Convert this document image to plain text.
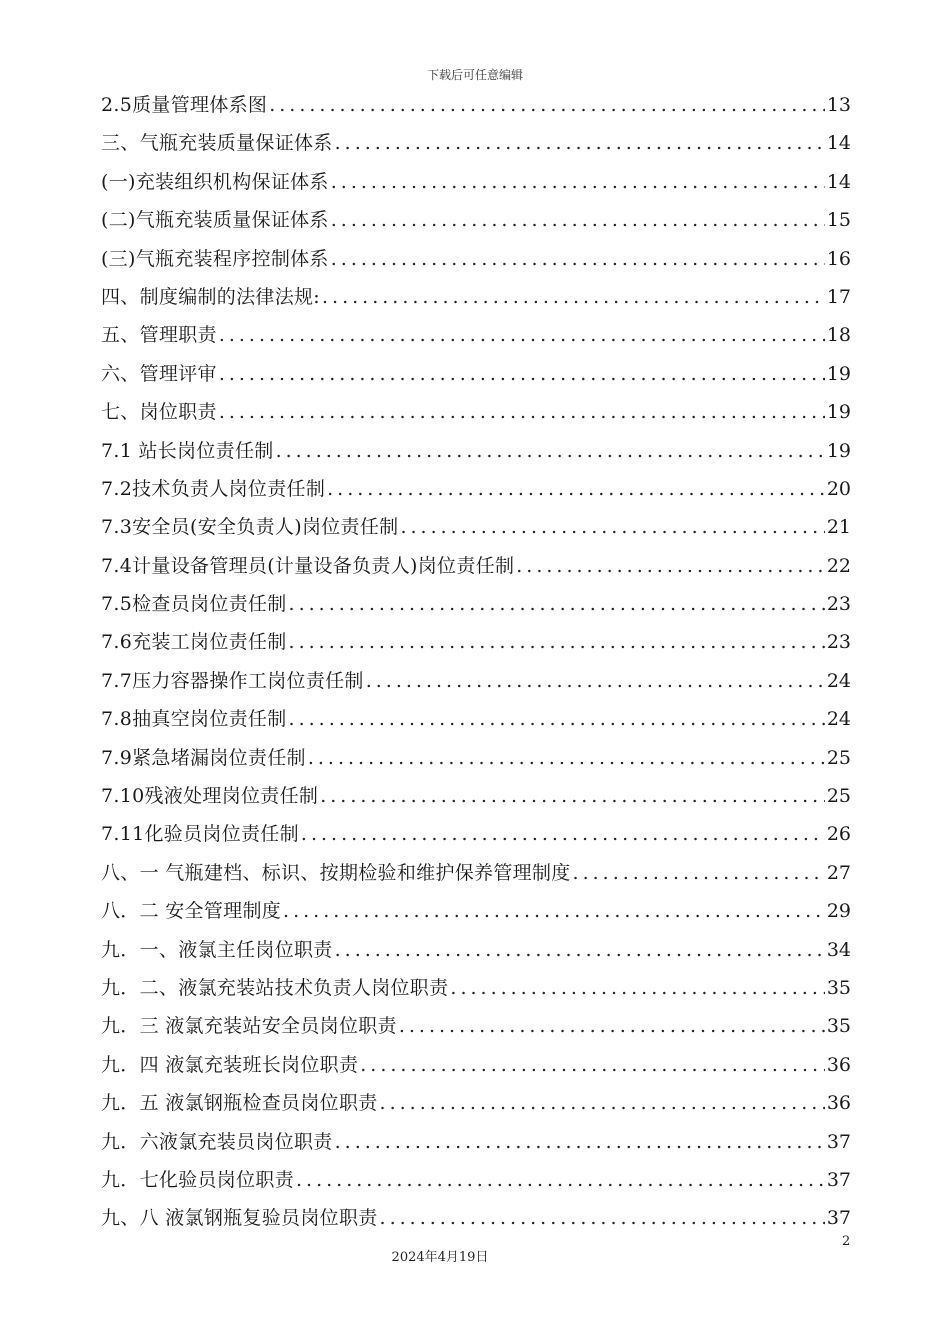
下载后可任意编辑
2.5质量管理体系图 .....	13
三、气瓶充装质量保证体系 .....	14
(一)充装组织机构保证体系 .....	14
(二)气瓶充装质量保证体系 .....	15
(三)气瓶充装程序控制体系 .....	16
四、制度编制的法律法规: .....	17
五、管理职责 .....	18
六、管理评审 .....	19
七、岗位职责 .....	19
7.1 站长岗位责任制 .....	19
7.2技术负责人岗位责任制 .....	20
7.3安全员(安全负责人)岗位责任制 .....	21
7.4计量设备管理员(计量设备负责人)岗位责任制 .....	22
7.5检查员岗位责任制 .....	23
7.6充装工岗位责任制 .....	23
7.7压力容器操作工岗位责任制 .....	24
7.8抽真空岗位责任制 .....	24
7.9紧急堵漏岗位责任制 .....	25
7.10残液处理岗位责任制 .....	25
7.11化验员岗位责任制 .....	26
八、一 气瓶建档、标识、按期检验和维护保养管理制度 .....	27
八．二 安全管理制度 .....	29
九．一、液氯主任岗位职责 .....	34
九．二、液氯充装站技术负责人岗位职责 .....	35
九．三 液氯充装站安全员岗位职责 .....	35
九．四 液氯充装班长岗位职责 .....	36
九．五 液氯钢瓶检查员岗位职责 .....	36
九．六液氯充装员岗位职责 .....	37
九．七化验员岗位职责 .....	37
九、八 液氯钢瓶复验员岗位职责 .....	37
2
2024年4月19日
